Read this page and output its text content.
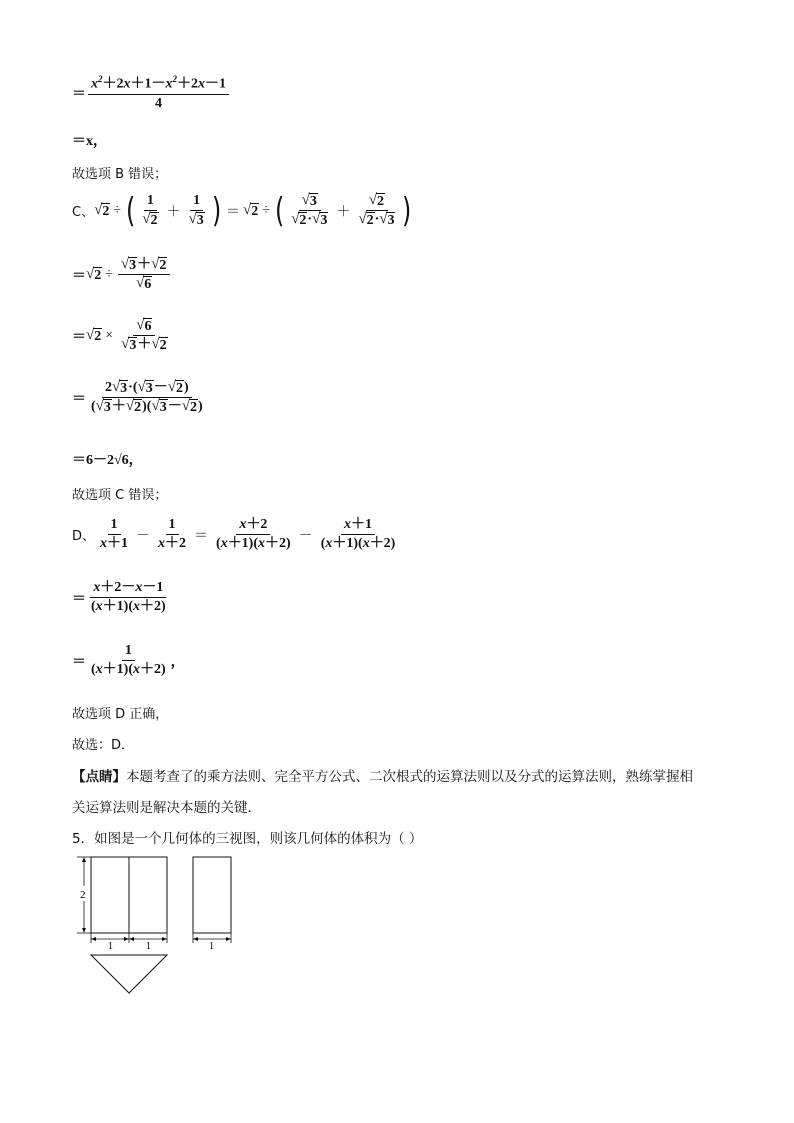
＝ $\frac{x^2+2x+1-x^2+2x-1}{4}$
＝x，
故选项 B 错误；
C、 √ 2 ÷ ( $\frac{1}{√ 2} + \frac{1}{√ 3}$ ) ＝ √ 2 ÷ ( $\frac{√ 3}{√ 2 \cdot √ 3} + \frac{√ 2}{√ 2 \cdot √ 3}$ )
＝ √ $2 \div \frac{√ 3 + √ 2}{√ 6}$
＝ √ $2 \times \frac{√ 6}{√ 3 + √ 2}$
＝ $\frac{2 √ 3 \cdot( √ 3 - √ 2 )}{( √ 3 + √ 2 )( √ 3 - √ 2 )}$
＝6－2√6，
故选项 C 错误；
D、 $\frac{1}{x+1} - \frac{1}{x+2} = \frac{x+2}{(x+1)(x+2)} - \frac{x+1}{(x+1)(x+2)}$
＝ $\frac{x+2-x-1}{(x+1)(x+2)}$
＝ $\frac{1}{(x+1)(x+2)}$ ，
故选项 D 正确，
故选：D．
【点睛】本题考查了的乘方法则、完全平方公式、二次根式的运算法则以及分式的运算法则，熟练掌握相
关运算法则是解决本题的关键．
5．如图是一个几何体的三视图，则该几何体的体积为（ ）
2
1	1	1
